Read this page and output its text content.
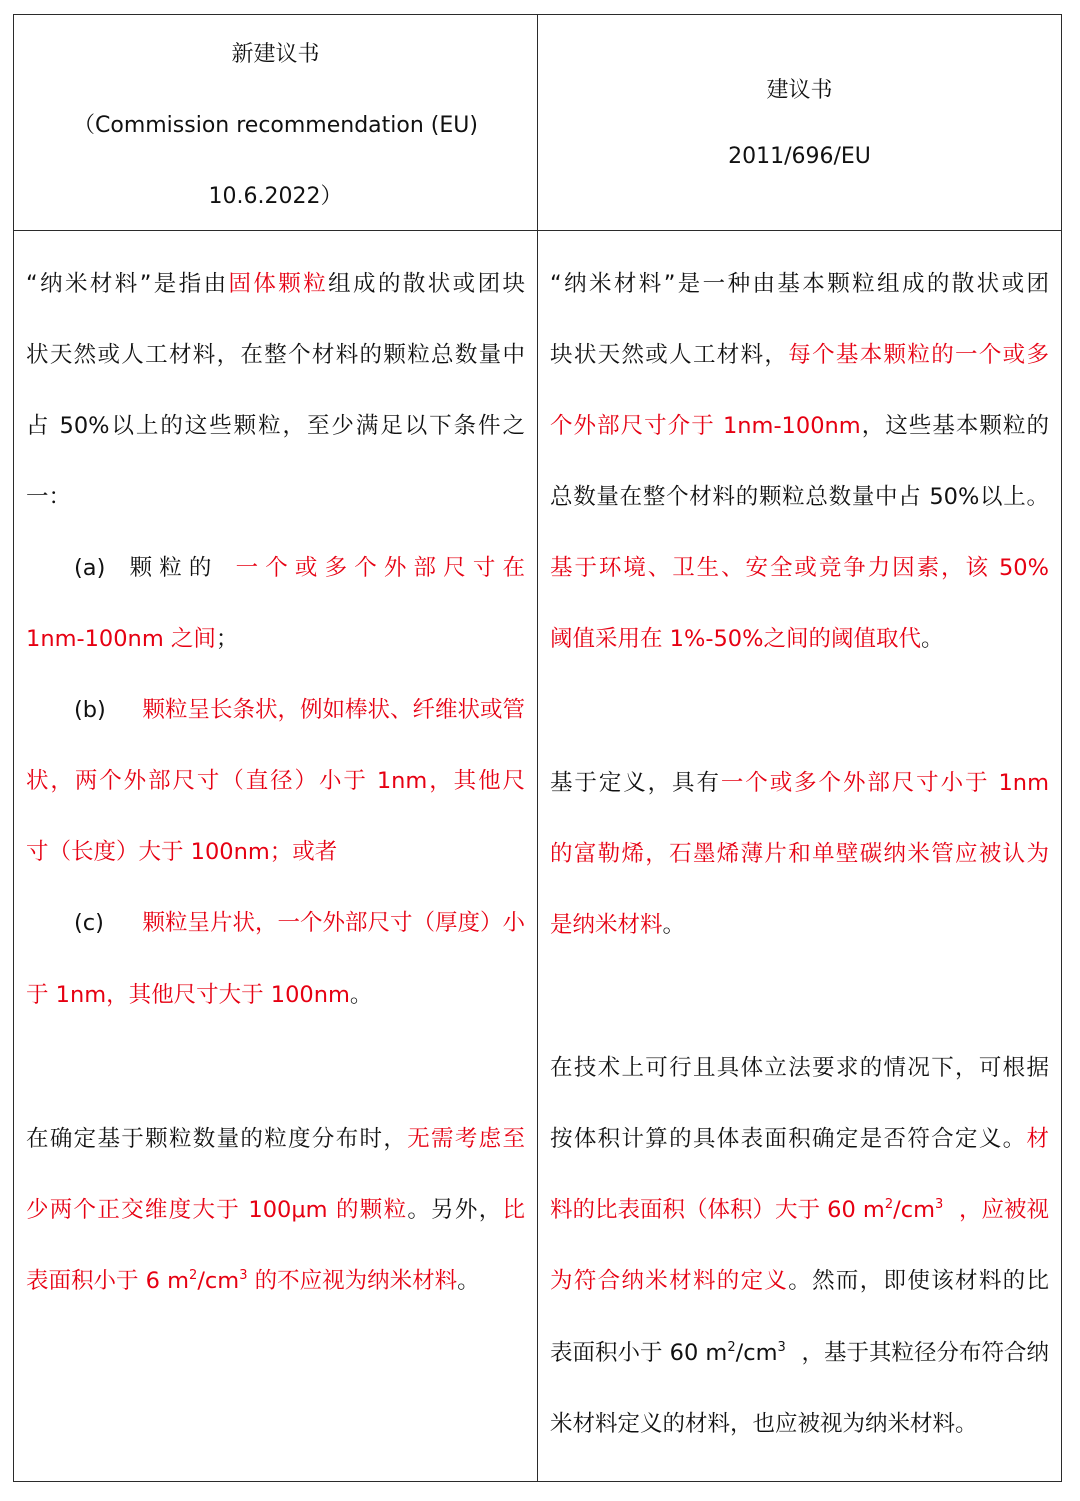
新建议书
（Commission recommendation (EU)
10.6.2022）
建议书
2011/696/EU
“纳米材料”是指由固体颗粒组成的散状或团块
状天然或人工材料，在整个材料的颗粒总数量中
占 50%以上的这些颗粒，至少满足以下条件之
一：
(a) 颗 粒 的 一 个 或 多 个 外 部 尺 寸 在
1nm-100nm 之间；
(b) 颗粒呈长条状，例如棒状、纤维状或管
状，两个外部尺寸（直径）小于 1nm，其他尺
寸（长度）大于 100nm；或者
(c) 颗粒呈片状，一个外部尺寸（厚度）小
于 1nm，其他尺寸大于 100nm。
在确定基于颗粒数量的粒度分布时，无需考虑至
少两个正交维度大于 100μm 的颗粒。另外，比
表面积小于 6 $m^2/cm^3$ 的不应视为纳米材料。
“纳米材料”是一种由基本颗粒组成的散状或团
块状天然或人工材料，每个基本颗粒的一个或多
个外部尺寸介于 1nm-100nm，这些基本颗粒的
总数量在整个材料的颗粒总数量中占 50%以上。
基于环境、卫生、安全或竞争力因素，该 50%
阈值采用在 1%-50%之间的阈值取代。
基于定义，具有一个或多个外部尺寸小于 1nm
的富勒烯，石墨烯薄片和单壁碳纳米管应被认为
是纳米材料。
在技术上可行且具体立法要求的情况下，可根据
按体积计算的具体表面积确定是否符合定义。材
料的比表面积（体积）大于 60 $m^2/cm^3$ ，应被视
为符合纳米材料的定义。然而，即使该材料的比
表面积小于 60 $m^2/cm^3$ ，基于其粒径分布符合纳
米材料定义的材料，也应被视为纳米材料。
